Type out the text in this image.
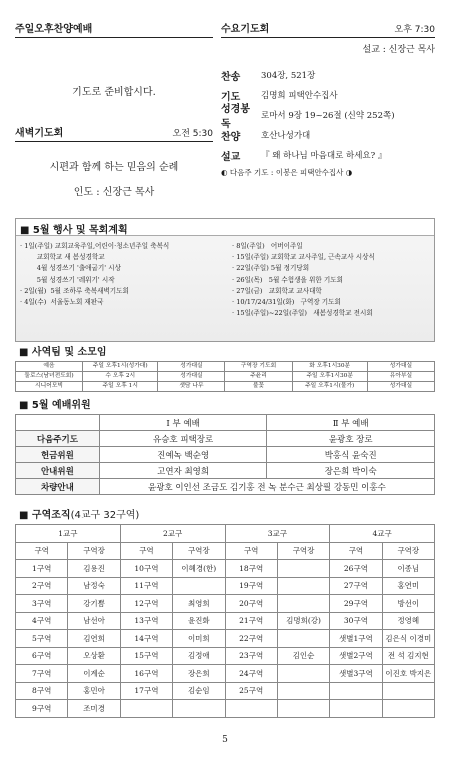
주일오후찬양예배
기도로 준비합시다.
새벽기도회	오전 5:30
시편과 함께 하는 믿음의 순례
인도 : 신장근 목사
수요기도회	오후 7:30
설교 : 신장근 목사
찬송	304장, 521장
기도	김명희 피택안수집사
성경봉독
로마서 9장 19~26절 (신약 252쪽)
찬양	호산나성가대
설교	『 왜 하나님 마음대로 하세요? 』
◐ 다음주 기도 : 이봉은 피택안수집사 ◑
■ 5월 행사 및 목회계획
· 1일(주일) 교회교육주일,어린이·청소년주일 축복식
교회학교 새 봄성경학교
4월 성경쓰기 '출애굽기' 시상
5월 성경쓰기 '레위기' 시작
· 2일(월)  5월 조하루 축복새벽기도회
· 4일(수)  서울동노회 재판국
· 8일(주일)   어버이주일
· 15일(주일) 교회학교 교사주일, 근속교사 시상식
· 22일(주일) 5월 정기당회
· 26일(목)   5월 수험생을 위한 기도회
· 27일(금)   교회학교 교사대학
· 10/17/24/31일(화)   구역장 기도회
· 15일(주일)~22일(주일)   새봄성경학교 전시회
■ 사역팀 및 소모임
예음	주일 오후1시(성가대)	성가대실	구역장 기도회	화 오후1시30분	성가대실
둘로스(남녀전도회)	수 오후 2시	성가대실	주윤리	주일 오후1시30분	유아부실
시니어모빅	주일 오후 1시	샛담 나무	불꽃	주일 오후1시(물가)	성가대실
■ 5월 예배위원
	Ⅰ 부 예배	Ⅱ 부 예배
다음주기도	유승호 피택장로	윤광호 장로
헌금위원	진예녹 백순영	박홍식 윤숙진
안내위원	고연자 최영희	장은희 박이숙
차량안내	윤광호 이인선 조금도 김기홍 전 녹 분수근 최상필 강동민 이홍수	
■ 구역조직(4교구 32구역)
1교구		2교구		3교구		4교구	
구역	구역장	구역	구역장	구역	구역장	구역	구역장
1구역	김용진	10구역	이혜경(한)	18구역		26구역	이종님
2구역	남정숙	11구역		19구역		27구역	홍연미
3구역	강기쁨	12구역	최영희	20구역		29구역	방선이
4구역	남선아	13구역	윤진화	21구역	김명희(강)	30구역	정영혜
5구역	김연희	14구역	이미희	22구역		샛별1구역	김은식 이경미
6구역	오상환	15구역	김정애	23구역	김인순	샛별2구역	전 석 김지현
7구역	이계순	16구역	장은희	24구역		샛별3구역	이진호 박지은
8구역	홍민아	17구역	김순임	25구역			
9구역	조미경						
5
